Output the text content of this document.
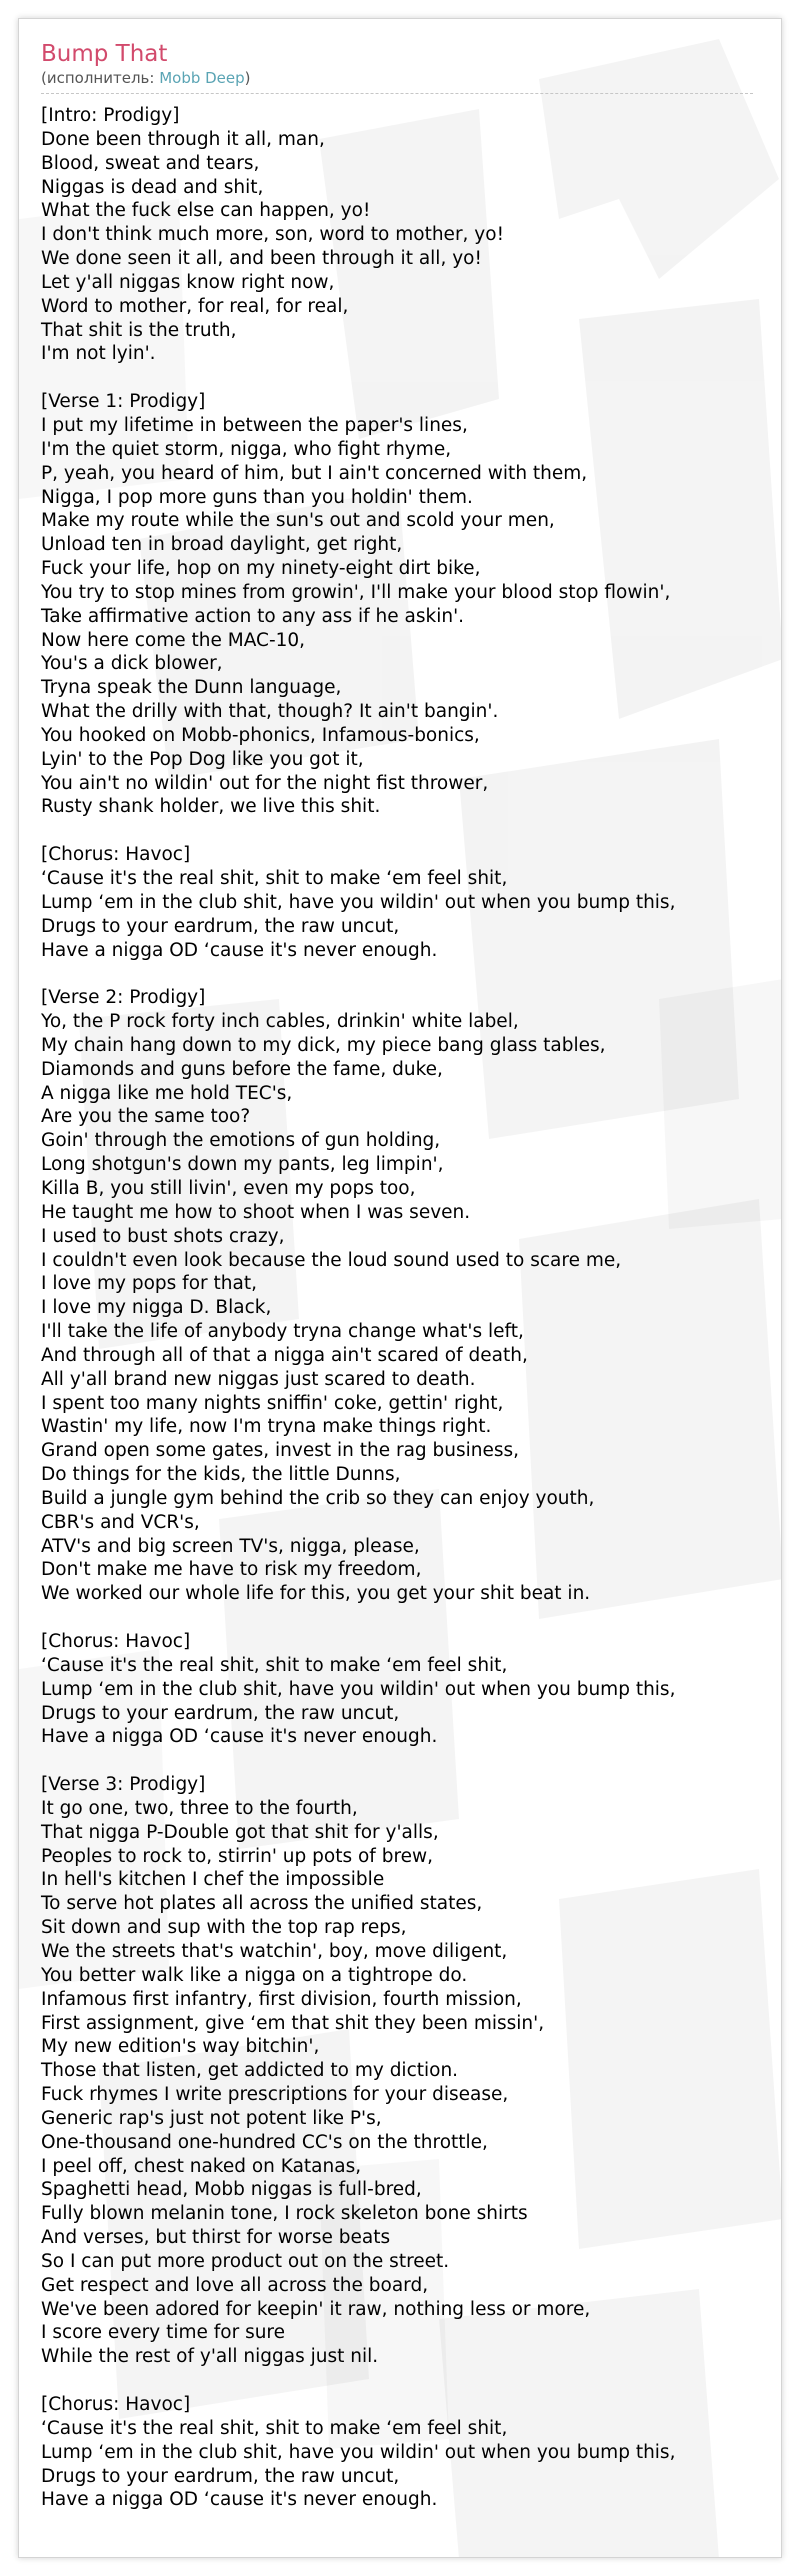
Bump That
(исполнитель: Mobb Deep)
[Intro: Prodigy]
Done been through it all, man,
Blood, sweat and tears,
Niggas is dead and shit,
What the fuck else can happen, yo!
I don't think much more, son, word to mother, yo!
We done seen it all, and been through it all, yo!
Let y'all niggas know right now,
Word to mother, for real, for real,
That shit is the truth,
I'm not lyin'.
[Verse 1: Prodigy]
I put my lifetime in between the paper's lines,
I'm the quiet storm, nigga, who fight rhyme,
P, yeah, you heard of him, but I ain't concerned with them,
Nigga, I pop more guns than you holdin' them.
Make my route while the sun's out and scold your men,
Unload ten in broad daylight, get right,
Fuck your life, hop on my ninety-eight dirt bike,
You try to stop mines from growin', I'll make your blood stop flowin',
Take affirmative action to any ass if he askin'.
Now here come the MAC-10,
You's a dick blower,
Tryna speak the Dunn language,
What the drilly with that, though? It ain't bangin'.
You hooked on Mobb-phonics, Infamous-bonics,
Lyin' to the Pop Dog like you got it,
You ain't no wildin' out for the night fist thrower,
Rusty shank holder, we live this shit.
[Chorus: Havoc]
‘Cause it's the real shit, shit to make ‘em feel shit,
Lump ‘em in the club shit, have you wildin' out when you bump this,
Drugs to your eardrum, the raw uncut,
Have a nigga OD ‘cause it's never enough.
[Verse 2: Prodigy]
Yo, the P rock forty inch cables, drinkin' white label,
My chain hang down to my dick, my piece bang glass tables,
Diamonds and guns before the fame, duke,
A nigga like me hold TEC's,
Are you the same too?
Goin' through the emotions of gun holding,
Long shotgun's down my pants, leg limpin',
Killa B, you still livin', even my pops too,
He taught me how to shoot when I was seven.
I used to bust shots crazy,
I couldn't even look because the loud sound used to scare me,
I love my pops for that,
I love my nigga D. Black,
I'll take the life of anybody tryna change what's left,
And through all of that a nigga ain't scared of death,
All y'all brand new niggas just scared to death.
I spent too many nights sniffin' coke, gettin' right,
Wastin' my life, now I'm tryna make things right.
Grand open some gates, invest in the rag business,
Do things for the kids, the little Dunns,
Build a jungle gym behind the crib so they can enjoy youth,
CBR's and VCR's,
ATV's and big screen TV's, nigga, please,
Don't make me have to risk my freedom,
We worked our whole life for this, you get your shit beat in.
[Chorus: Havoc]
‘Cause it's the real shit, shit to make ‘em feel shit,
Lump ‘em in the club shit, have you wildin' out when you bump this,
Drugs to your eardrum, the raw uncut,
Have a nigga OD ‘cause it's never enough.
[Verse 3: Prodigy]
It go one, two, three to the fourth,
That nigga P-Double got that shit for y'alls,
Peoples to rock to, stirrin' up pots of brew,
In hell's kitchen I chef the impossible
To serve hot plates all across the unified states,
Sit down and sup with the top rap reps,
We the streets that's watchin', boy, move diligent,
You better walk like a nigga on a tightrope do.
Infamous first infantry, first division, fourth mission,
First assignment, give ‘em that shit they been missin',
My new edition's way bitchin',
Those that listen, get addicted to my diction.
Fuck rhymes I write prescriptions for your disease,
Generic rap's just not potent like P's,
One-thousand one-hundred CC's on the throttle,
I peel off, chest naked on Katanas,
Spaghetti head, Mobb niggas is full-bred,
Fully blown melanin tone, I rock skeleton bone shirts
And verses, but thirst for worse beats
So I can put more product out on the street.
Get respect and love all across the board,
We've been adored for keepin' it raw, nothing less or more,
I score every time for sure
While the rest of y'all niggas just nil.
[Chorus: Havoc]
‘Cause it's the real shit, shit to make ‘em feel shit,
Lump ‘em in the club shit, have you wildin' out when you bump this,
Drugs to your eardrum, the raw uncut,
Have a nigga OD ‘cause it's never enough.
